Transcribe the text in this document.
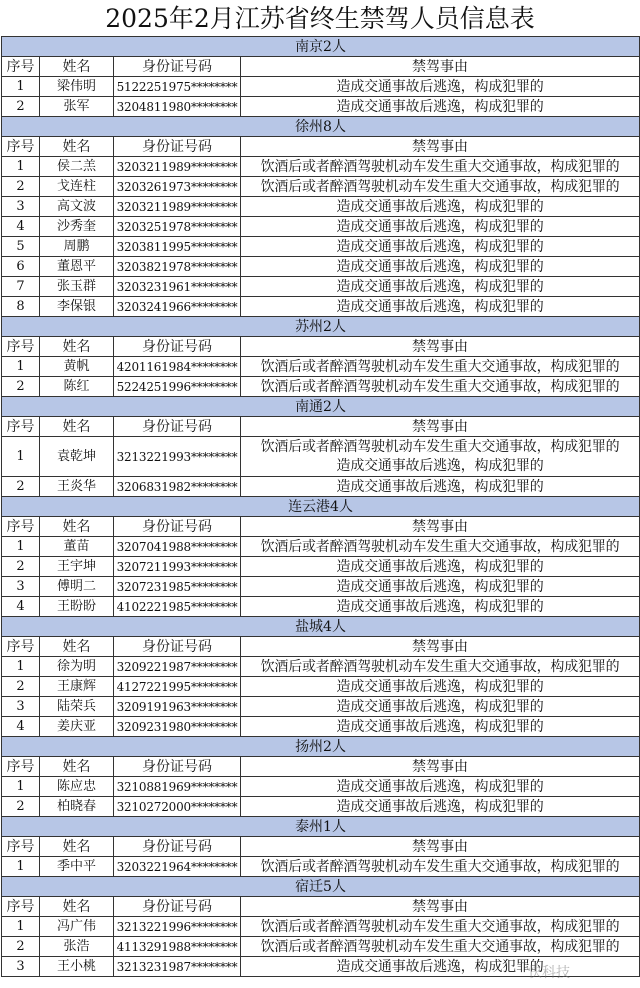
2025年2月江苏省终生禁驾人员信息表
南京2人			
序号	姓名	身份证号码	禁驾事由
1	梁伟明	5122251975********	造成交通事故后逃逸，构成犯罪的
2	张军	3204811980********	造成交通事故后逃逸，构成犯罪的
徐州8人			
序号	姓名	身份证号码	禁驾事由
1	侯二羔	3203211989********	饮酒后或者醉酒驾驶机动车发生重大交通事故，构成犯罪的
2	戈连柱	3203261973********	饮酒后或者醉酒驾驶机动车发生重大交通事故，构成犯罪的
3	高文波	3203211989********	造成交通事故后逃逸，构成犯罪的
4	沙秀奎	3203251978********	造成交通事故后逃逸，构成犯罪的
5	周鹏	3203811995********	造成交通事故后逃逸，构成犯罪的
6	董恩平	3203821978********	造成交通事故后逃逸，构成犯罪的
7	张玉群	3203231961********	造成交通事故后逃逸，构成犯罪的
8	李保银	3203241966********	造成交通事故后逃逸，构成犯罪的
苏州2人			
序号	姓名	身份证号码	禁驾事由
1	黄帆	4201161984********	饮酒后或者醉酒驾驶机动车发生重大交通事故，构成犯罪的
2	陈红	5224251996********	饮酒后或者醉酒驾驶机动车发生重大交通事故，构成犯罪的
南通2人			
序号	姓名	身份证号码	禁驾事由
1	袁乾坤	3213221993********	饮酒后或者醉酒驾驶机动车发生重大交通事故，构成犯罪的
造成交通事故后逃逸，构成犯罪的

2	王炎华	3206831982********	造成交通事故后逃逸，构成犯罪的
连云港4人			
序号	姓名	身份证号码	禁驾事由
1	董苗	3207041988********	饮酒后或者醉酒驾驶机动车发生重大交通事故，构成犯罪的
2	王宇坤	3207211993********	造成交通事故后逃逸，构成犯罪的
3	傅明二	3207231985********	造成交通事故后逃逸，构成犯罪的
4	王盼盼	4102221985********	造成交通事故后逃逸，构成犯罪的
盐城4人			
序号	姓名	身份证号码	禁驾事由
1	徐为明	3209221987********	饮酒后或者醉酒驾驶机动车发生重大交通事故，构成犯罪的
2	王康辉	4127221995********	造成交通事故后逃逸，构成犯罪的
3	陆荣兵	3209191963********	造成交通事故后逃逸，构成犯罪的
4	姜庆亚	3209231980********	造成交通事故后逃逸，构成犯罪的
扬州2人			
序号	姓名	身份证号码	禁驾事由
1	陈应忠	3210881969********	造成交通事故后逃逸，构成犯罪的
2	柏晓春	3210272000********	造成交通事故后逃逸，构成犯罪的
泰州1人			
序号	姓名	身份证号码	禁驾事由
1	季中平	3203221964********	饮酒后或者醉酒驾驶机动车发生重大交通事故，构成犯罪的
宿迁5人			
序号	姓名	身份证号码	禁驾事由
1	冯广伟	3213221996********	饮酒后或者醉酒驾驶机动车发生重大交通事故，构成犯罪的
2	张浩	4113291988********	饮酒后或者醉酒驾驶机动车发生重大交通事故，构成犯罪的
3	王小桃	3213231987********	造成交通事故后逃逸，构成犯罪的
快科技
